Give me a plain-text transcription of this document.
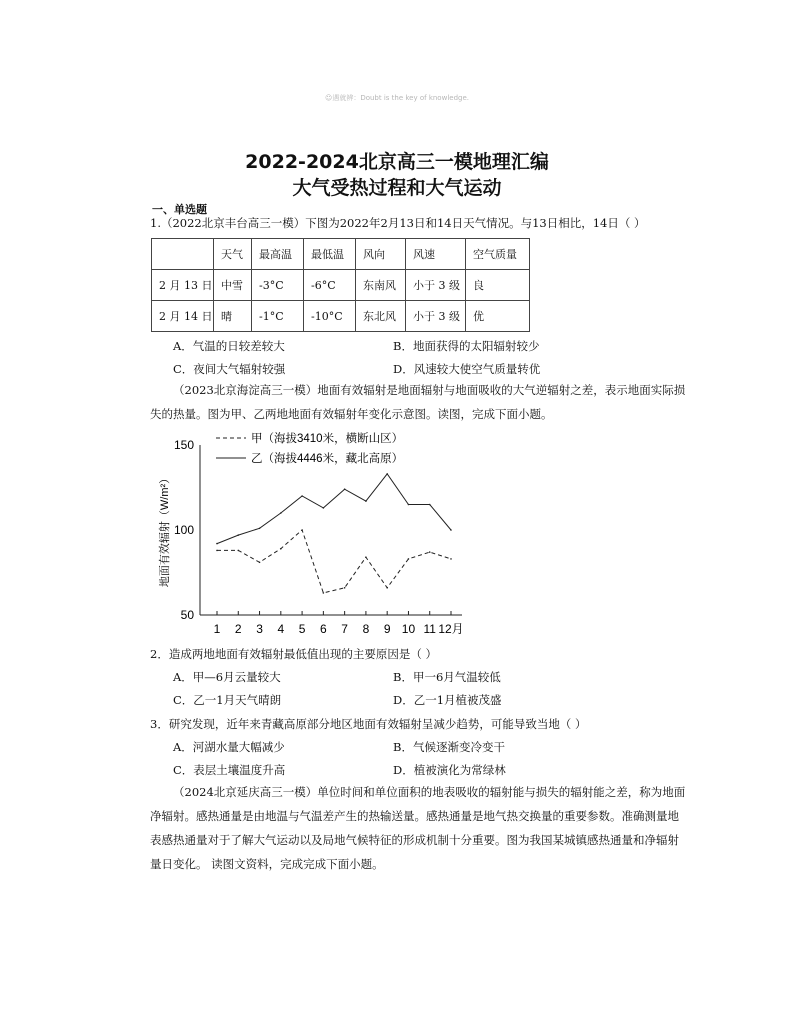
☺遇就辨：Doubt is the key of knowledge.
2022-2024北京高三一模地理汇编
大气受热过程和大气运动
一、单选题
1.（2022北京丰台高三一模）下图为2022年2月13日和14日天气情况。与13日相比，14日（ ）
	天气	最高温	最低温	风向	风速	空气质量
2 月 13 日	中雪	-3°C	-6°C	东南风	小于 3 级	良
2 月 14 日	晴	-1°C	-10°C	东北风	小于 3 级	优
A．气温的日较差较大	B．地面获得的太阳辐射较少
C．夜间大气辐射较强	D．风速较大使空气质量转优
（2023北京海淀高三一模）地面有效辐射是地面辐射与地面吸收的大气逆辐射之差，表示地面实际损
失的热量。图为甲、乙两地地面有效辐射年变化示意图。读图，完成下面小题。
50
100
150
1 2 3 4 5 6 7 8 9 10 11 12月
地面有效辐射（W/m²）
甲（海拔3410米，横断山区）
乙（海拔4446米，藏北高原）
2．造成两地地面有效辐射最低值出现的主要原因是（ ）
A．甲—6月云量较大	B．甲一6月气温较低
C．乙一1月天气晴朗	D．乙一1月植被茂盛
3．研究发现，近年来青藏高原部分地区地面有效辐射呈减少趋势，可能导致当地（ ）
A．河湖水量大幅减少	B．气候逐渐变冷变干
C．表层土壤温度升高	D．植被演化为常绿林
（2024北京延庆高三一模）单位时间和单位面积的地表吸收的辐射能与损失的辐射能之差，称为地面
净辐射。感热通量是由地温与气温差产生的热输送量。感热通量是地气热交换量的重要参数。准确测量地
表感热通量对于了解大气运动以及局地气候特征的形成机制十分重要。图为我国某城镇感热通量和净辐射
量日变化。 读图文资料，完成完成下面小题。
